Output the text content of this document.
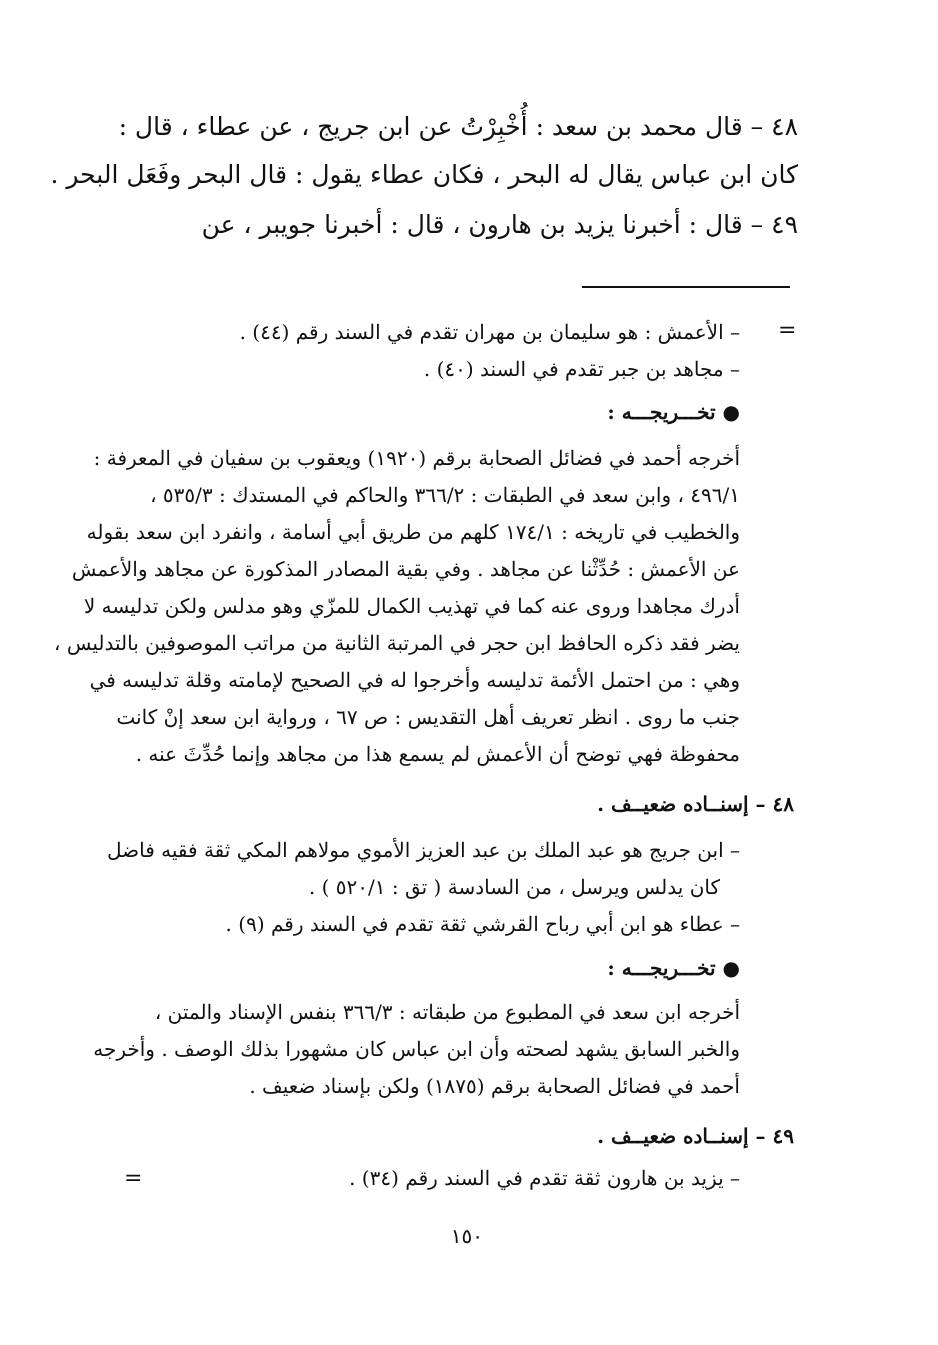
٤٨ – قال محمد بن سعد : أُخْبِرْتُ عن ابن جريج ، عن عطاء ، قال :
كان ابن عباس يقال له البحر ، فكان عطاء يقول : قال البحر وفَعَل البحر .
٤٩ – قال : أخبرنا يزيد بن هارون ، قال : أخبرنا جويبر ، عن
=
– الأعمش : هو سليمان بن مهران تقدم في السند رقم (٤٤) .
– مجاهد بن جبر تقدم في السند (٤٠) .
● تخـــريجـــه :
أخرجه أحمد في فضائل الصحابة برقم (١٩٢٠) ويعقوب بن سفيان في المعرفة :
٤٩٦/١ ، وابن سعد في الطبقات : ٣٦٦/٢ والحاكم في المستدك : ٥٣٥/٣ ،
والخطيب في تاريخه : ١٧٤/١ كلهم من طريق أبي أسامة ، وانفرد ابن سعد بقوله
عن الأعمش : حُدِّثْنا عن مجاهد . وفي بقية المصادر المذكورة عن مجاهد والأعمش
أدرك مجاهدا وروى عنه كما في تهذيب الكمال للمزّي وهو مدلس ولكن تدليسه لا
يضر فقد ذكره الحافظ ابن حجر في المرتبة الثانية من مراتب الموصوفين بالتدليس ،
وهي : من احتمل الأئمة تدليسه وأخرجوا له في الصحيح لإمامته وقلة تدليسه في
جنب ما روى . انظر تعريف أهل التقديس : ص ٦٧ ، ورواية ابن سعد إنْ كانت
محفوظة فهي توضح أن الأعمش لم يسمع هذا من مجاهد وإنما حُدِّثَ عنه .
٤٨ – إسنــاده ضعيــف .
– ابن جريج هو عبد الملك بن عبد العزيز الأموي مولاهم المكي ثقة فقيه فاضل
كان يدلس ويرسل ، من السادسة ( تق : ٥٢٠/١ ) .
– عطاء هو ابن أبي رباح القرشي ثقة تقدم في السند رقم (٩) .
● تخـــريجـــه :
أخرجه ابن سعد في المطبوع من طبقاته : ٣٦٦/٣ بنفس الإسناد والمتن ،
والخبر السابق يشهد لصحته وأن ابن عباس كان مشهورا بذلك الوصف . وأخرجه
أحمد في فضائل الصحابة برقم (١٨٧٥) ولكن بإسناد ضعيف .
٤٩ – إسنــاده ضعيــف .
– يزيد بن هارون ثقة تقدم في السند رقم (٣٤) .
=
١٥٠
